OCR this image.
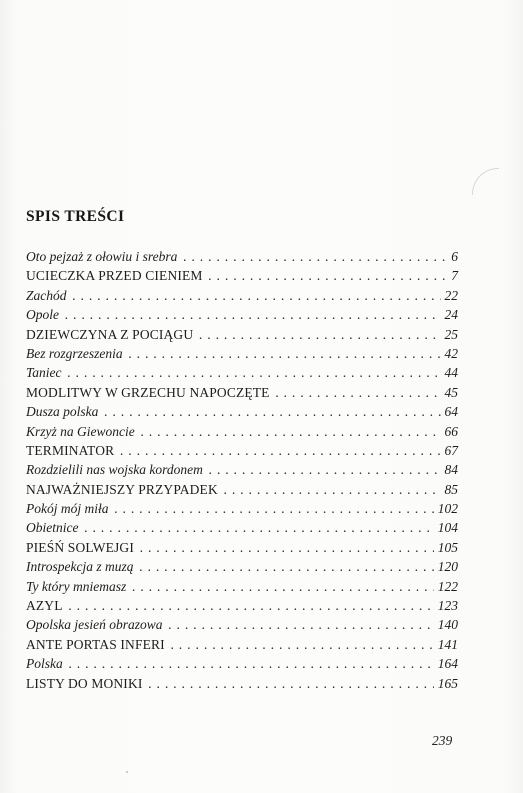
SPIS TREŚCI
Oto pejzaż z ołowiu i srebra . . .	6
UCIECZKA PRZED CIENIEM . . .	7
Zachód . . .	22
Opole . . .	24
DZIEWCZYNA Z POCIĄGU . . .	25
Bez rozgrzeszenia . . .	42
Taniec . . .	44
MODLITWY W GRZECHU NAPOCZĘTE . . .	45
Dusza polska . . .	64
Krzyż na Giewoncie . . .	66
TERMINATOR . . .	67
Rozdzielili nas wojska kordonem . . .	84
NAJWAŻNIEJSZY PRZYPADEK . . .	85
Pokój mój miła . . .	102
Obietnice . . .	104
PIEŚŃ SOLWEJGI . . .	105
Introspekcja z muzą . . .	120
Ty który mniemasz . . .	122
AZYL . . .	123
Opolska jesień obrazowa . . .	140
ANTE PORTAS INFERI . . .	141
Polska . . .	164
LISTY DO MONIKI . . .	165
239
